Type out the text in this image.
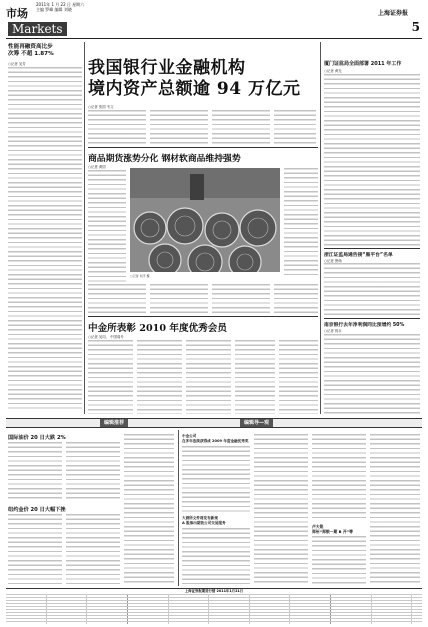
市场
2011年 1 月 22 日 星期六
主编 罗峰 编辑 刘晓
Markets
上海证券报
5
性能再融资高比步
次筹 不超 1.87%
○记者 吴芳	我国银行业金融机构
境内资产总额逾 94 万亿元
○记者 张国 韦文
厦门证监局全面部署 2011 年工作
○记者 黄光
商品期货涨势分化 钢材软商品维持强势
○记者 黄国
○记者 刘平 摄
浙江证监局通告接“黑平台”名单
○记者 鲁萌
南京银行去年净利润同比预增约 50%
○记者 郭永
中金所表彰 2010 年度优秀会员
○记者 吴同、 中国周号
编辑推荐	编辑导—观
国际油价 20 日大跌 2%
纽约金价 20 日大幅下挫
中金公司
在多年连续获得成 2009 年度金融优秀奖
大商所文件将发布新规
A 股推出期货公司交易服务
卢大铭
郑州“郑银一期 B 开”等
上海证券报期货行情 2011年1月21日
